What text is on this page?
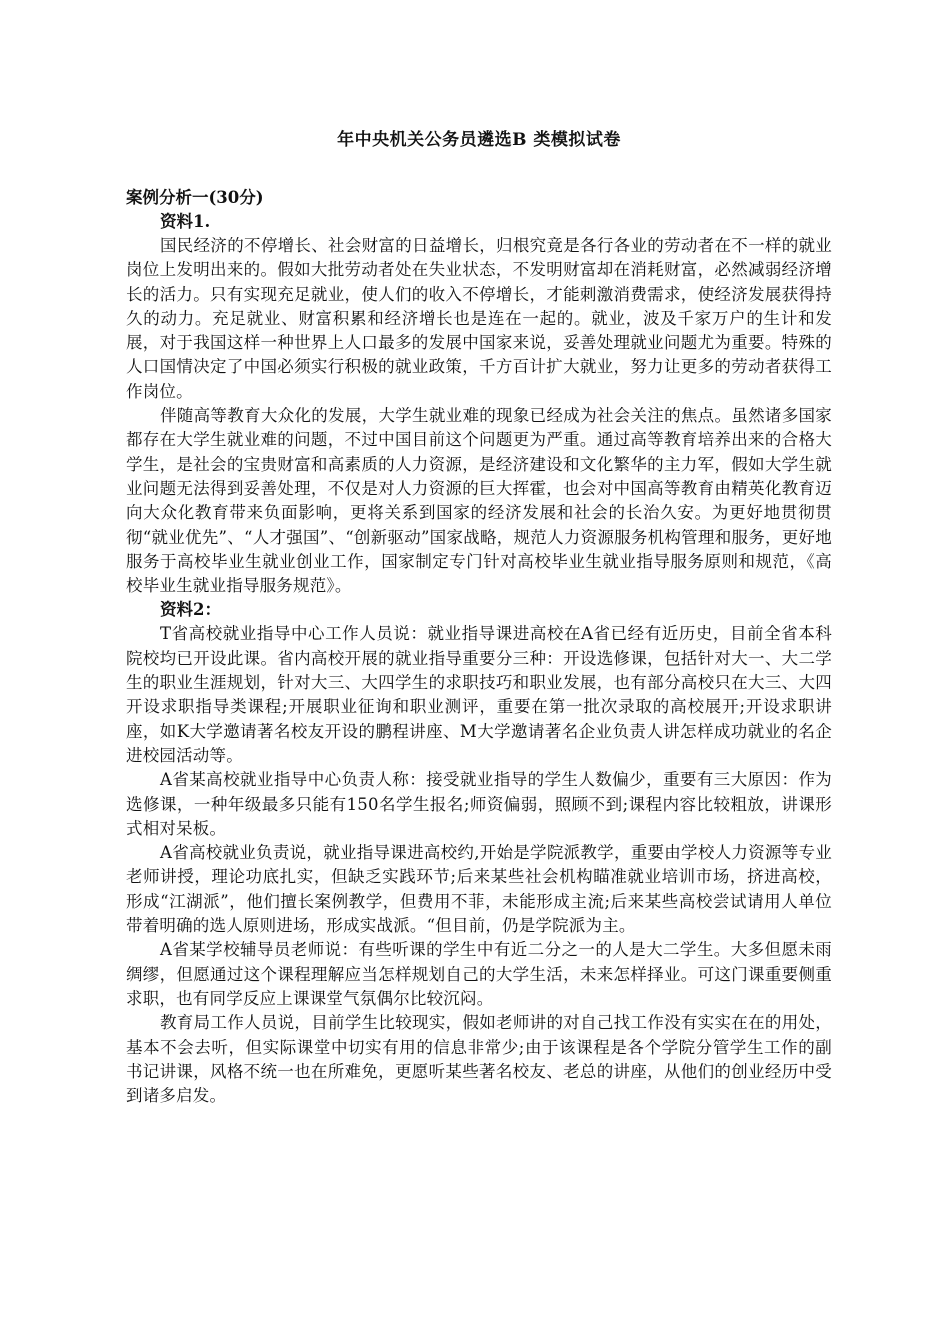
年中央机关公务员遴选B 类模拟试卷
案例分析一(30分)
资料1.

国民经济的不停增长、社会财富的日益增长，归根究竟是各行各业的劳动者在不一样的就业岗位上发明出来的。假如大批劳动者处在失业状态，不发明财富却在消耗财富，必然减弱经济增长的活力。只有实现充足就业，使人们的收入不停增长，才能刺激消费需求，使经济发展获得持久的动力。充足就业、财富积累和经济增长也是连在一起的。就业，波及千家万户的生计和发展，对于我国这样一种世界上人口最多的发展中国家来说，妥善处理就业问题尤为重要。特殊的人口国情决定了中国必须实行积极的就业政策，千方百计扩大就业，努力让更多的劳动者获得工作岗位。

伴随高等教育大众化的发展，大学生就业难的现象已经成为社会关注的焦点。虽然诸多国家都存在大学生就业难的问题，不过中国目前这个问题更为严重。通过高等教育培养出来的合格大学生，是社会的宝贵财富和高素质的人力资源，是经济建设和文化繁华的主力军，假如大学生就业问题无法得到妥善处理，不仅是对人力资源的巨大挥霍，也会对中国高等教育由精英化教育迈向大众化教育带来负面影响，更将关系到国家的经济发展和社会的长治久安。为更好地贯彻贯彻“就业优先”、“人才强国”、“创新驱动”国家战略，规范人力资源服务机构管理和服务，更好地服务于高校毕业生就业创业工作，国家制定专门针对高校毕业生就业指导服务原则和规范，《高校毕业生就业指导服务规范》。

资料2：

T省高校就业指导中心工作人员说：就业指导课进高校在A省已经有近历史，目前全省本科院校均已开设此课。省内高校开展的就业指导重要分三种：开设选修课，包括针对大一、大二学生的职业生涯规划，针对大三、大四学生的求职技巧和职业发展，也有部分高校只在大三、大四开设求职指导类课程;开展职业征询和职业测评，重要在第一批次录取的高校展开;开设求职讲座，如K大学邀请著名校友开设的鹏程讲座、M大学邀请著名企业负责人讲怎样成功就业的名企进校园活动等。

A省某高校就业指导中心负责人称：接受就业指导的学生人数偏少，重要有三大原因：作为选修课，一种年级最多只能有150名学生报名;师资偏弱，照顾不到;课程内容比较粗放，讲课形式相对呆板。

A省高校就业负责说，就业指导课进高校约,开始是学院派教学，重要由学校人力资源等专业老师讲授，理论功底扎实，但缺乏实践环节;后来某些社会机构瞄准就业培训市场，挤进高校，形成“江湖派”，他们擅长案例教学，但费用不菲，未能形成主流;后来某些高校尝试请用人单位带着明确的选人原则进场，形成实战派。“但目前，仍是学院派为主。

A省某学校辅导员老师说：有些听课的学生中有近二分之一的人是大二学生。大多但愿未雨绸缪，但愿通过这个课程理解应当怎样规划自己的大学生活，未来怎样择业。可这门课重要侧重求职，也有同学反应上课课堂气氛偶尔比较沉闷。

教育局工作人员说，目前学生比较现实，假如老师讲的对自己找工作没有实实在在的用处，基本不会去听，但实际课堂中切实有用的信息非常少;由于该课程是各个学院分管学生工作的副书记讲课，风格不统一也在所难免，更愿听某些著名校友、老总的讲座，从他们的创业经历中受到诸多启发。
